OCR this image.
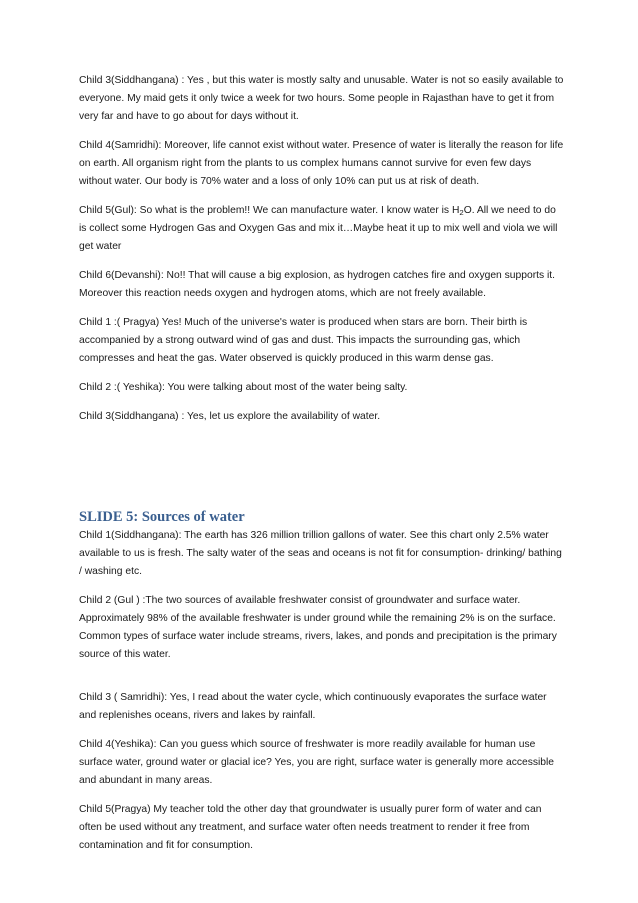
Child 3(Siddhangana) : Yes , but this water is mostly salty and unusable. Water is not so easily available to everyone. My maid gets it only twice a week for two hours. Some people in Rajasthan have to get it from very far and have to go about for days without it.

Child 4(Samridhi): Moreover, life cannot exist without water. Presence of water is literally the reason for life on earth. All organism right from the plants to us complex humans cannot survive for even few days without water. Our body is 70% water and a loss of only 10% can put us at risk of death.

Child 5(Gul): So what is the problem!! We can manufacture water. I know water is $H_2O$. All we need to do is collect some Hydrogen Gas and Oxygen Gas and mix it…Maybe heat it up to mix well and viola we will get water

Child 6(Devanshi): No!! That will cause a big explosion, as hydrogen catches fire and oxygen supports it. Moreover this reaction needs oxygen and hydrogen atoms, which are not freely available.

Child 1 :( Pragya) Yes! Much of the universe's water is produced when stars are born. Their birth is accompanied by a strong outward wind of gas and dust. This impacts the surrounding gas, which compresses and heat the gas. Water observed is quickly produced in this warm dense gas.

Child 2 :( Yeshika): You were talking about most of the water being salty.

Child 3(Siddhangana) : Yes, let us explore the availability of water.

SLIDE 5: Sources of water

Child 1(Siddhangana): The earth has 326 million trillion gallons of water. See this chart only 2.5% water available to us is fresh. The salty water of the seas and oceans is not fit for consumption- drinking/ bathing / washing etc.

Child 2 (Gul ) :The two sources of available freshwater consist of groundwater and surface water. Approximately 98% of the available freshwater is under ground while the remaining 2% is on the surface. Common types of surface water include streams, rivers, lakes, and ponds and precipitation is the primary source of this water.

Child 3 ( Samridhi): Yes, I read about the water cycle, which continuously evaporates the surface water and replenishes oceans, rivers and lakes by rainfall.

Child 4(Yeshika): Can you guess which source of freshwater is more readily available for human use surface water, ground water or glacial ice? Yes, you are right, surface water is generally more accessible and abundant in many areas.

Child 5(Pragya) My teacher told the other day that groundwater is usually purer form of water and can often be used without any treatment, and surface water often needs treatment to render it free from contamination and fit for consumption.
